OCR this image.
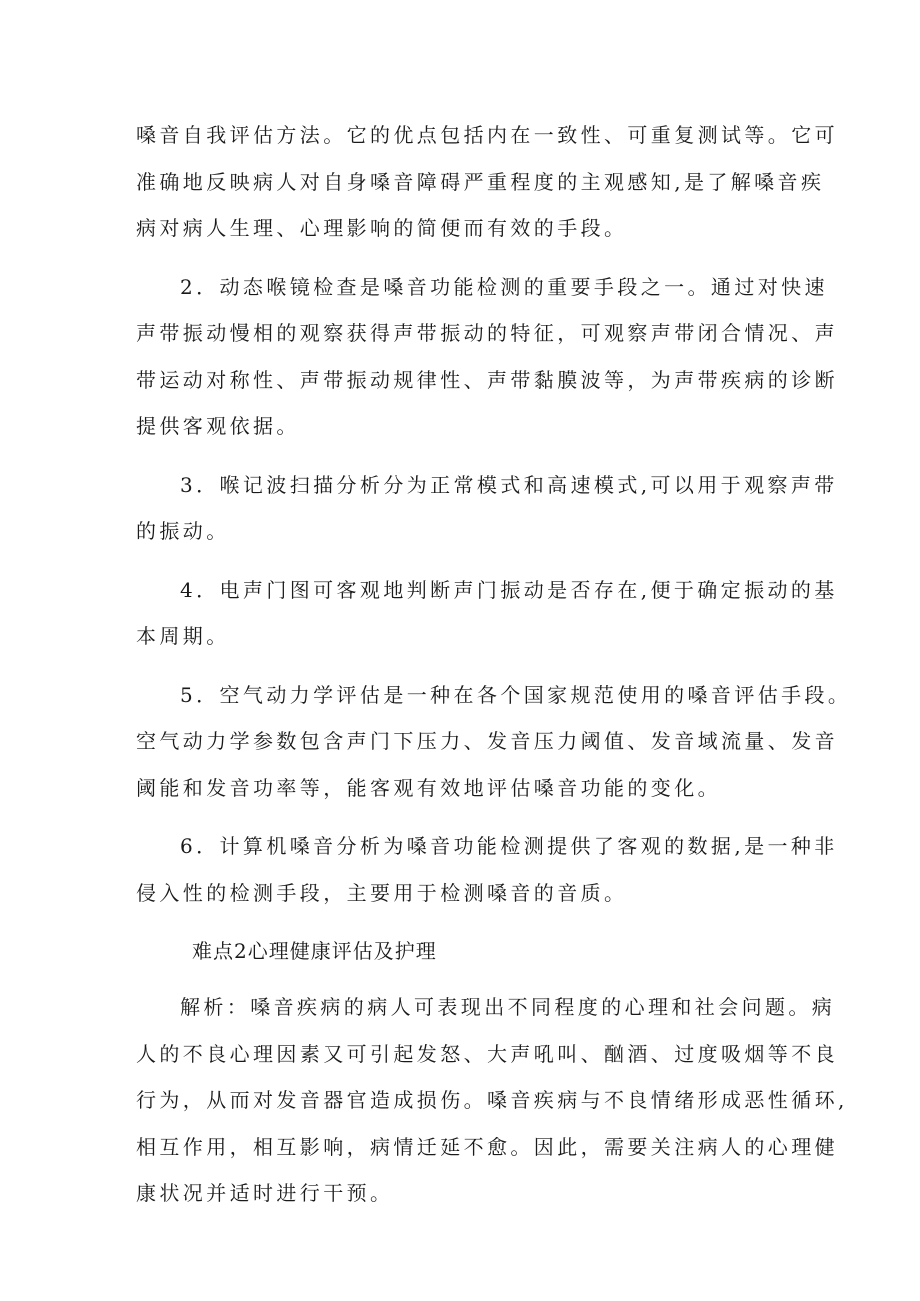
嗓音自我评估方法。它的优点包括内在一致性、可重复测试等。它可
准确地反映病人对自身嗓音障碍严重程度的主观感知,是了解嗓音疾
病对病人生理、心理影响的简便而有效的手段。

2．动态喉镜检查是嗓音功能检测的重要手段之一。通过对快速
声带振动慢相的观察获得声带振动的特征，可观察声带闭合情况、声
带运动对称性、声带振动规律性、声带黏膜波等，为声带疾病的诊断
提供客观依据。

3．喉记波扫描分析分为正常模式和高速模式,可以用于观察声带
的振动。

4．电声门图可客观地判断声门振动是否存在,便于确定振动的基
本周期。

5．空气动力学评估是一种在各个国家规范使用的嗓音评估手段。
空气动力学参数包含声门下压力、发音压力阈值、发音域流量、发音
阈能和发音功率等，能客观有效地评估嗓音功能的变化。

6．计算机嗓音分析为嗓音功能检测提供了客观的数据,是一种非
侵入性的检测手段，主要用于检测嗓音的音质。

难点2心理健康评估及护理

解析：嗓音疾病的病人可表现出不同程度的心理和社会问题。病
人的不良心理因素又可引起发怒、大声吼叫、酗酒、过度吸烟等不良
行为，从而对发音器官造成损伤。嗓音疾病与不良情绪形成恶性循环,
相互作用，相互影响，病情迁延不愈。因此，需要关注病人的心理健
康状况并适时进行干预。
